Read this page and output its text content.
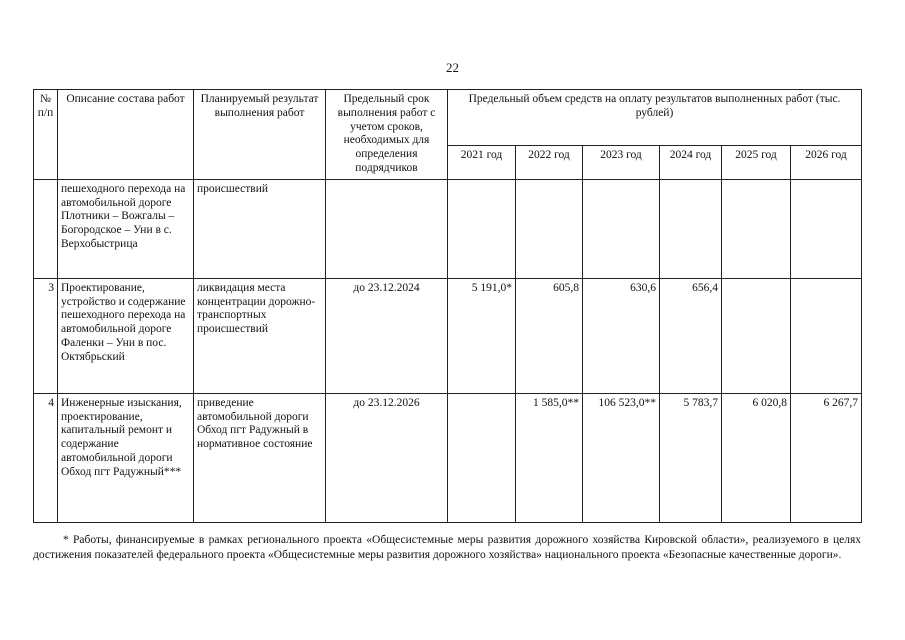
22
№ п/п	Описание состава работ	Планируемый результат выполнения работ	Предельный срок выполнения работ с учетом сроков, необходимых для определения подрядчиков	Предельный объем средств на оплату результатов выполненных работ (тыс. рублей)					
				2021 год	2022 год	2023 год	2024 год	2025 год	2026 год
	пешеходного перехода на автомобильной дороге Плотники – Вожгалы – Богородское – Уни в с. Верхобыстрица	происшествий							
3	Проектирование, устройство и содержание пешеходного перехода на автомобильной дороге Фаленки – Уни в пос. Октябрьский	ликвидация места концентрации дорожно-транспортных происшествий	до 23.12.2024	5 191,0*	605,8	630,6	656,4		
4	Инженерные изыскания, проектирование, капитальный ремонт и содержание автомобильной дороги Обход пгт Радужный***	приведение автомобильной дороги Обход пгт Радужный в нормативное состояние	до 23.12.2026		1 585,0**	106 523,0**	5 783,7	6 020,8	6 267,7
* Работы, финансируемые в рамках регионального проекта «Общесистемные меры развития дорожного хозяйства Кировской области», реализуемого в целях достижения показателей федерального проекта «Общесистемные меры развития дорожного хозяйства» национального проекта «Безопасные качественные дороги».
